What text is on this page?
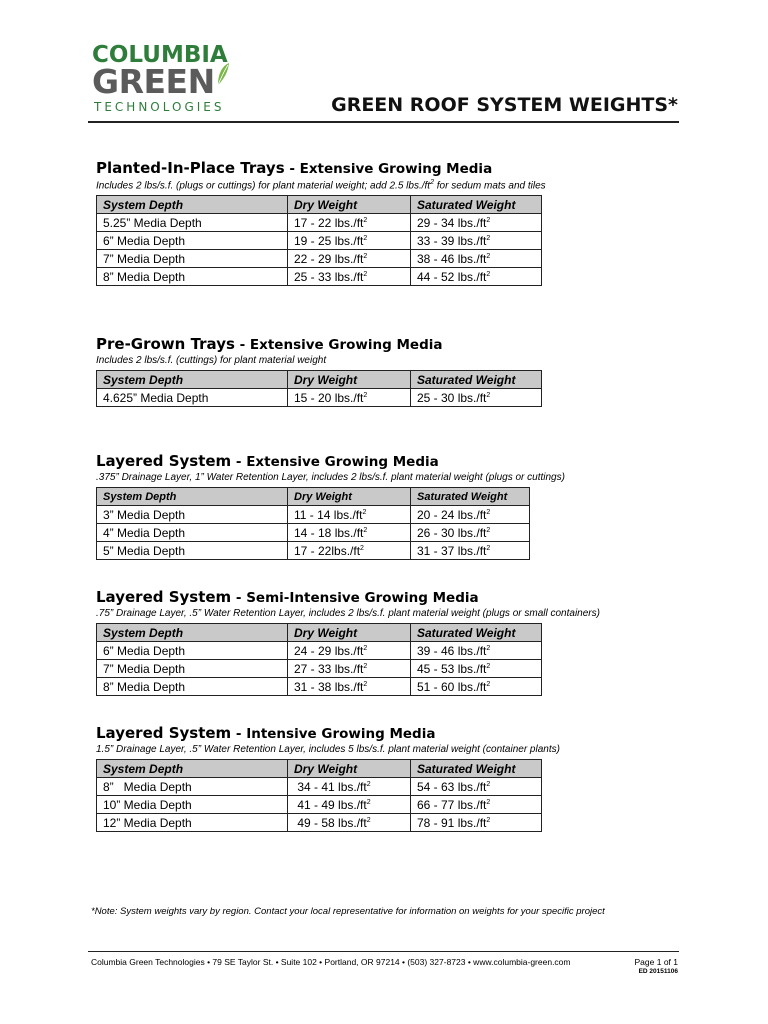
COLUMBIA
GREEN
TECHNOLOGIES	GREEN ROOF SYSTEM WEIGHTS*
Planted-In-Place Trays - Extensive Growing Media
Includes 2 lbs/s.f. (plugs or cuttings) for plant material weight; add 2.5 $lbs./ft^2$ for sedum mats and tiles
System Depth	Dry Weight	Saturated Weight
5.25” Media Depth	17 - 22 $lbs./ft^2$	29 - 34 $lbs./ft^2$
6” Media Depth	19 - 25 $lbs./ft^2$	33 - 39 $lbs./ft^2$
7” Media Depth	22 - 29 $lbs./ft^2$	38 - 46 $lbs./ft^2$
8” Media Depth	25 - 33 $lbs./ft^2$	44 - 52 $lbs./ft^2$
Pre-Grown Trays - Extensive Growing Media
Includes 2 lbs/s.f. (cuttings) for plant material weight
System Depth	Dry Weight	Saturated Weight
4.625” Media Depth	15 - 20 $lbs./ft^2$	25 - 30 $lbs./ft^2$
Layered System - Extensive Growing Media
.375” Drainage Layer, 1” Water Retention Layer, includes 2 lbs/s.f. plant material weight (plugs or cuttings)
System Depth	Dry Weight	Saturated Weight
3” Media Depth	11 - 14 $lbs./ft^2$	20 - 24 $lbs./ft^2$
4” Media Depth	14 - 18 $lbs./ft^2$	26 - 30 $lbs./ft^2$
5” Media Depth	$17 - 22lbs./ft^2$	31 - 37 $lbs./ft^2$
Layered System - Semi-Intensive Growing Media
.75” Drainage Layer, .5” Water Retention Layer, includes 2 lbs/s.f. plant material weight (plugs or small containers)
System Depth	Dry Weight	Saturated Weight
6” Media Depth	24 - 29 $lbs./ft^2$	39 - 46 $lbs./ft^2$
7” Media Depth	27 - 33 $lbs./ft^2$	45 - 53 $lbs./ft^2$
8” Media Depth	31 - 38 $lbs./ft^2$	51 - 60 $lbs./ft^2$
Layered System - Intensive Growing Media
1.5” Drainage Layer, .5” Water Retention Layer, includes 5 lbs/s.f. plant material weight (container plants)
System Depth	Dry Weight	Saturated Weight
8”   Media Depth	34 - 41 $lbs./ft^2$	54 - 63 $lbs./ft^2$
10” Media Depth	41 - 49 $lbs./ft^2$	66 - 77 $lbs./ft^2$
12” Media Depth	49 - 58 $lbs./ft^2$	78 - 91 $lbs./ft^2$
*Note: System weights vary by region. Contact your local representative for information on weights for your specific project
Columbia Green Technologies • 79 SE Taylor St. • Suite 102 • Portland, OR 97214 • (503) 327-8723 • www.columbia-green.com	Page 1 of 1
ED 20151106
